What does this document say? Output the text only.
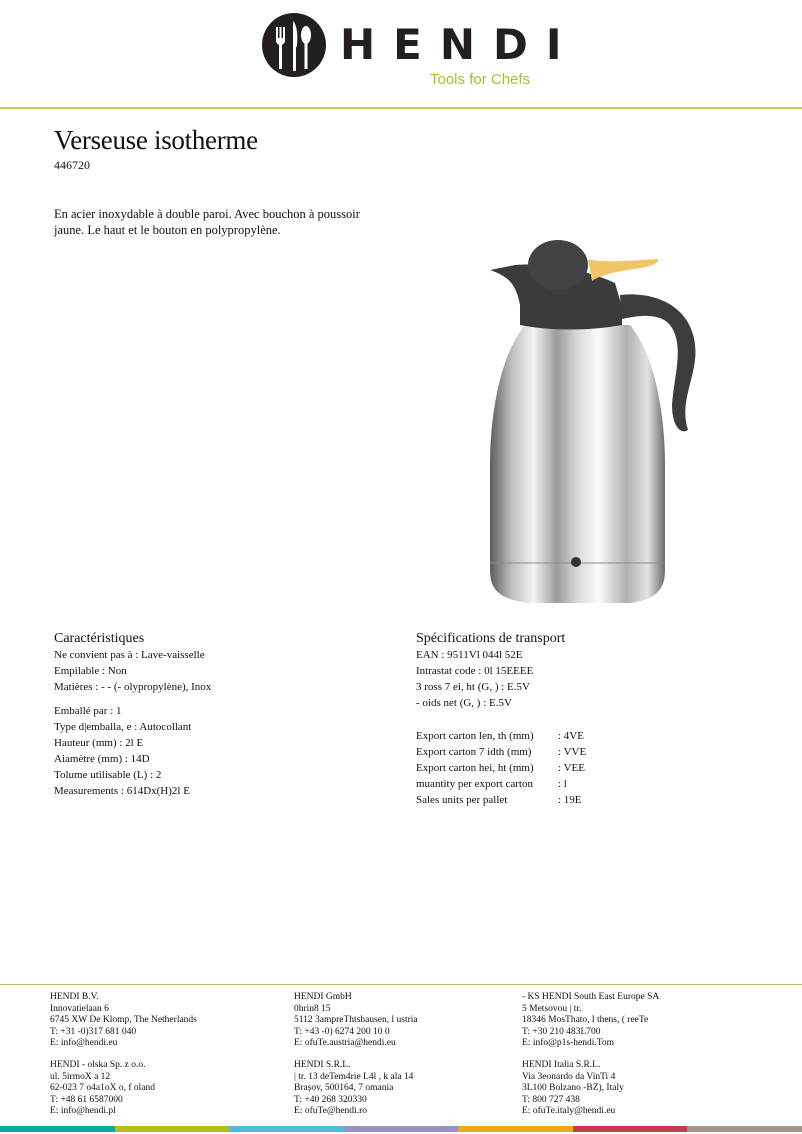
HENDI
Tools for Chefs
Verseuse isotherme
446720
En acier inoxydable à double paroi. Avec bouchon à poussoir jaune. Le haut et le bouton en polypropylène.
Caractéristiques
Ne convient pas à : Lave-vaisselle
Empilable : Non
Matières : - - (- olypropylène), Inox
Emballé par : 1
Type d|emballa, e : Autocollant
Hauteur (mm) : 2l E
Aiamètre (mm) : 14D
Tolume utilisable (L) : 2
Measurements : 614Dx(H)2l E
Spécifications de transport
EAN : 9511Vl 044l 52E
Intrastat code : 0l 15EEEE
3 ross 7 ei, ht (G, ) : E.5V
- oids net (G, ) : E.5V
Export carton len, th (mm)	: 4VE
Export carton 7 idth (mm)	: VVE
Export carton hei, ht (mm)	: VEE
muantity per export carton	: l
Sales units per pallet	: 19E
HENDI B.V.
Innovatielaan 6
6745 XW De Klomp, The Netherlands
T: +31 -0)317 681 040
E: info@hendi.eu
HENDI - olska Sp. z o.o.
ul. 5irmoX a 12
62-023 7 o4a1oX o, f oland
T: +48 61 6587000
E: info@hendi.pl
HENDI GmbH
0hrin8 15
5112 3ampreThtshausen, l ustria
T: +43 -0) 6274 200 10 0
E: ofuTe.austria@hendi.eu
HENDI S.R.L.
| tr. 13 deTem4rie L4l , k ala 14
Brașov, 500164, 7 omania
T: +40 268 320330
E: ofuTe@hendi.ro
- KS HENDI South East Europe SA
5 Metsovou | tr.
18346 MosThato, l thens, ( reeTe
T: +30 210 483L700
E: info@p1s-hendi.Tom
HENDI Italia S.R.L.
Via 3eonardo da VinTi 4
3L100 Bolzano -BZ), Italy
T: 800 727 438
E: ofuTe.italy@hendi.eu
